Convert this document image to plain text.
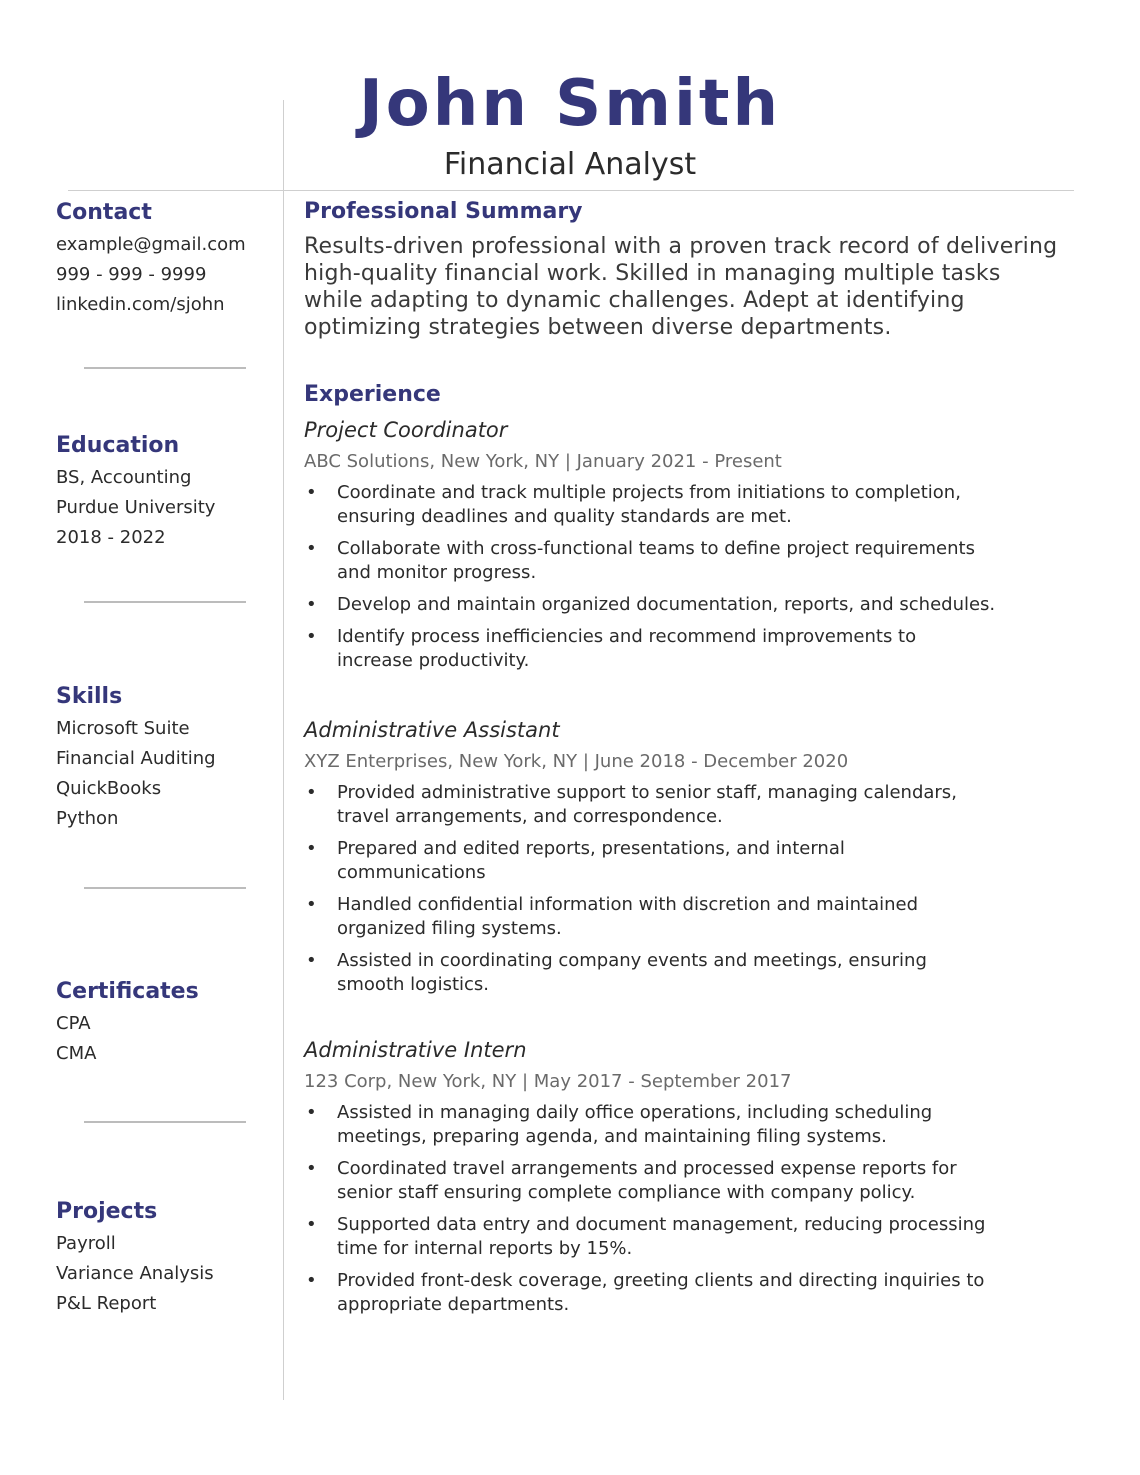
John Smith
Financial Analyst
Contact
example@gmail.com
999 - 999 - 9999
linkedin.com/sjohn
Education
BS, Accounting
Purdue University
2018 - 2022
Skills
Microsoft Suite
Financial Auditing
QuickBooks
Python
Certificates
CPA
CMA
Projects
Payroll
Variance Analysis
P&L Report
Professional Summary
Results-driven professional with a proven track record of delivering
high-quality financial work. Skilled in managing multiple tasks
while adapting to dynamic challenges. Adept at identifying
optimizing strategies between diverse departments.
Experience
Project Coordinator
ABC Solutions, New York, NY | January 2021 - Present
• Coordinate and track multiple projects from initiations to completion,
ensuring deadlines and quality standards are met.
• Collaborate with cross-functional teams to define project requirements
and monitor progress.
• Develop and maintain organized documentation, reports, and schedules.
• Identify process inefficiencies and recommend improvements to
increase productivity.
Administrative Assistant
XYZ Enterprises, New York, NY | June 2018 - December 2020
• Provided administrative support to senior staff, managing calendars,
travel arrangements, and correspondence.
• Prepared and edited reports, presentations, and internal
communications
• Handled confidential information with discretion and maintained
organized filing systems.
• Assisted in coordinating company events and meetings, ensuring
smooth logistics.
Administrative Intern
123 Corp, New York, NY | May 2017 - September 2017
• Assisted in managing daily office operations, including scheduling
meetings, preparing agenda, and maintaining filing systems.
• Coordinated travel arrangements and processed expense reports for
senior staff ensuring complete compliance with company policy.
• Supported data entry and document management, reducing processing
time for internal reports by 15%.
• Provided front-desk coverage, greeting clients and directing inquiries to
appropriate departments.
